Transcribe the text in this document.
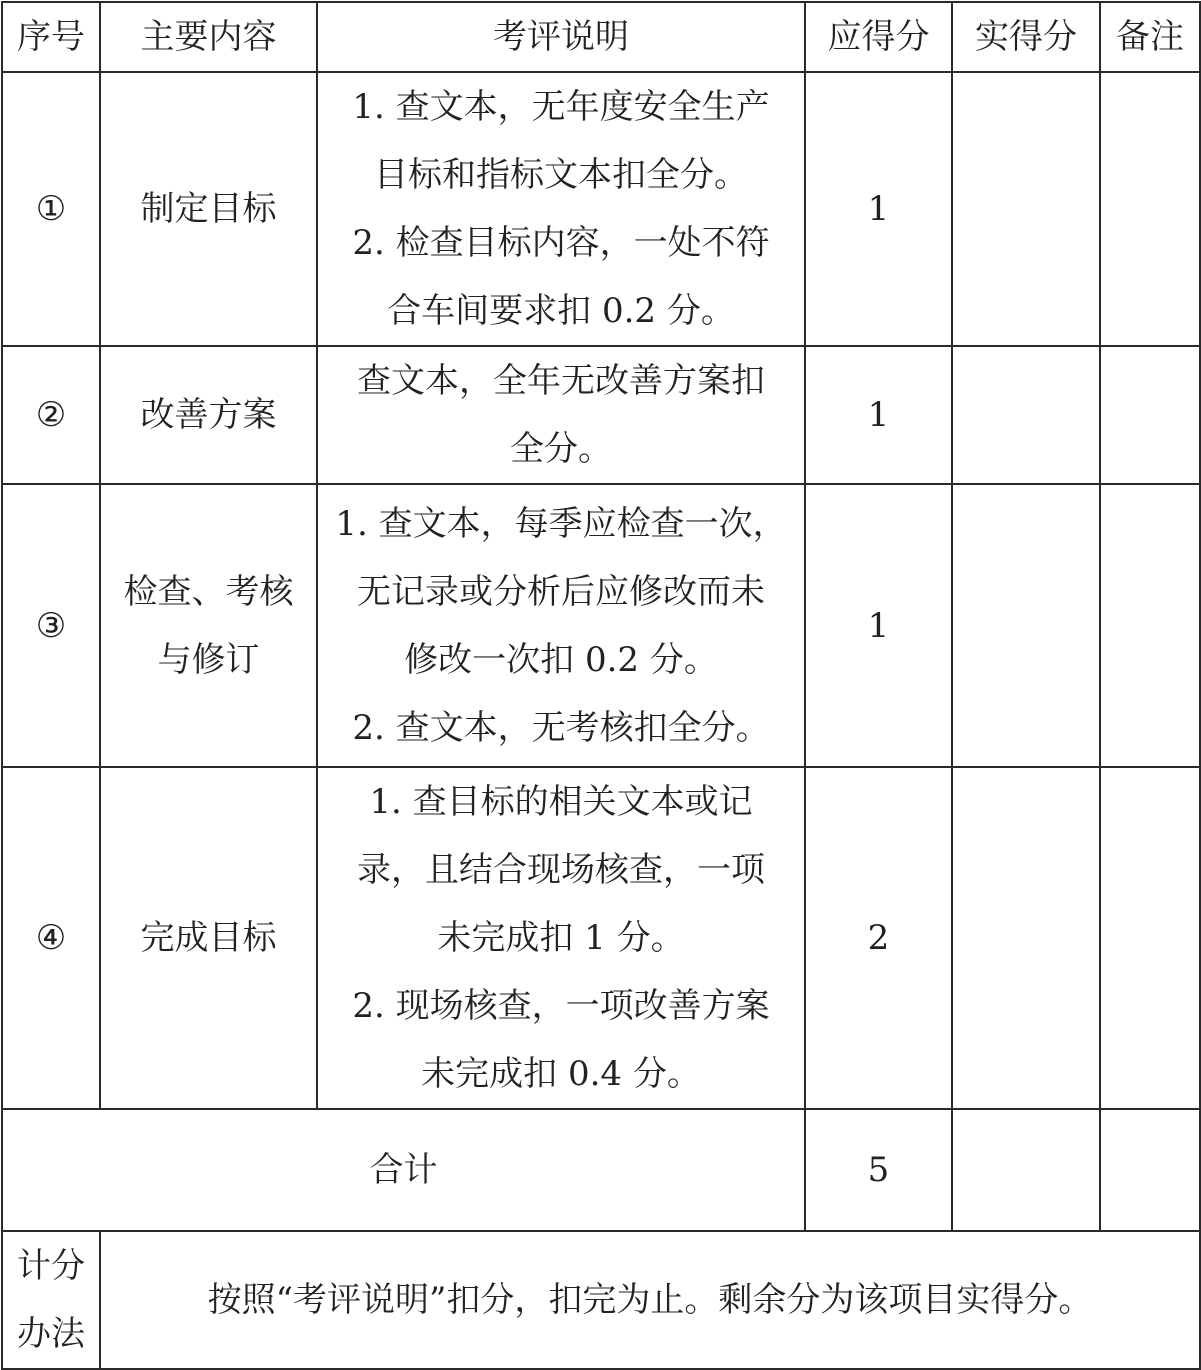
序号	主要内容	考评说明	应得分	实得分	备注
①	制定目标	1. 查文本，无年度安全生产
目标和指标文本扣全分。
2. 检查目标内容，一处不符
合车间要求扣 0.2 分。	1		
②	改善方案	查文本，全年无改善方案扣
全分。	1		
③	检查、考核与修订	1. 查文本，每季应检查一次，
无记录或分析后应修改而未
修改一次扣 0.2 分。
2. 查文本，无考核扣全分。	1		
④	完成目标	1. 查目标的相关文本或记
录，且结合现场核查，一项
未完成扣 1 分。
2. 现场核查，一项改善方案
未完成扣 0.4 分。	2		
合计			5		
计分办法	按照“考评说明”扣分，扣完为止。剩余分为该项目实得分。				
